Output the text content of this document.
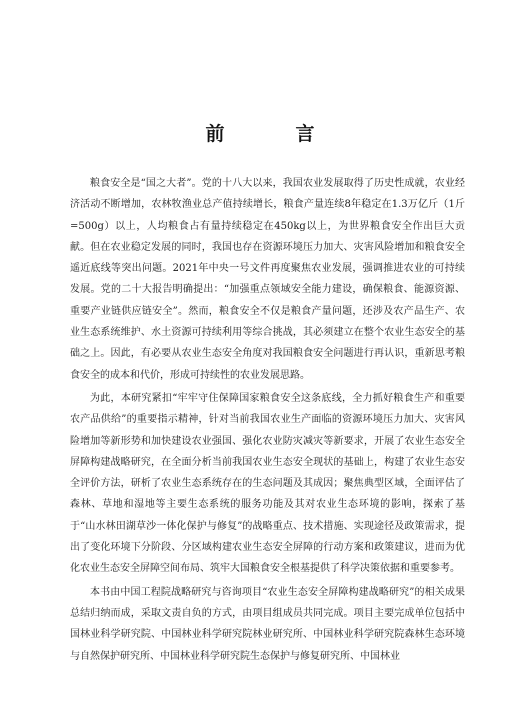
前　言

粮食安全是“国之大者”。党的十八大以来，我国农业发展取得了历史性成就，农业经济活动不断增加，农林牧渔业总产值持续增长，粮食产量连续8年稳定在1.3万亿斤（1斤=500g）以上，人均粮食占有量持续稳定在450kg以上，为世界粮食安全作出巨大贡献。但在农业稳定发展的同时，我国也存在资源环境压力加大、灾害风险增加和粮食安全遥近底线等突出问题。2021年中央一号文件再度聚焦农业发展，强调推进农业的可持续发展。党的二十大报告明确提出：“加强重点领域安全能力建设，确保粮食、能源资源、重要产业链供应链安全”。然而，粮食安全不仅是粮食产量问题，还涉及农产品生产、农业生态系统维护、水土资源可持续利用等综合挑战，其必须建立在整个农业生态安全的基础之上。因此，有必要从农业生态安全角度对我国粮食安全问题进行再认识，重新思考粮食安全的成本和代价，形成可持续性的农业发展思路。

为此，本研究紧扣“牢牢守住保障国家粮食安全这条底线，全力抓好粮食生产和重要农产品供给”的重要指示精神，针对当前我国农业生产面临的资源环境压力加大、灾害风险增加等新形势和加快建设农业强国、强化农业防灾减灾等新要求，开展了农业生态安全屏障构建战略研究，在全面分析当前我国农业生态安全现状的基础上，构建了农业生态安全评价方法，研析了农业生态系统存在的生态问题及其成因；聚焦典型区域，全面评估了森林、草地和湿地等主要生态系统的服务功能及其对农业生态环境的影响，探索了基于“山水林田湖草沙一体化保护与修复”的战略重点、技术措施、实现途径及政策需求，提出了变化环境下分阶段、分区域构建农业生态安全屏障的行动方案和政策建议，进而为优化农业生态安全屏障空间布局、筑牢大国粮食安全根基提供了科学决策依据和重要参考。

本书由中国工程院战略研究与咨询项目“农业生态安全屏障构建战略研究”的相关成果总结归纳而成，采取文责自负的方式，由项目组成员共同完成。项目主要完成单位包括中国林业科学研究院、中国林业科学研究院林业研究所、中国林业科学研究院森林生态环境与自然保护研究所、中国林业科学研究院生态保护与修复研究所、中国林业
